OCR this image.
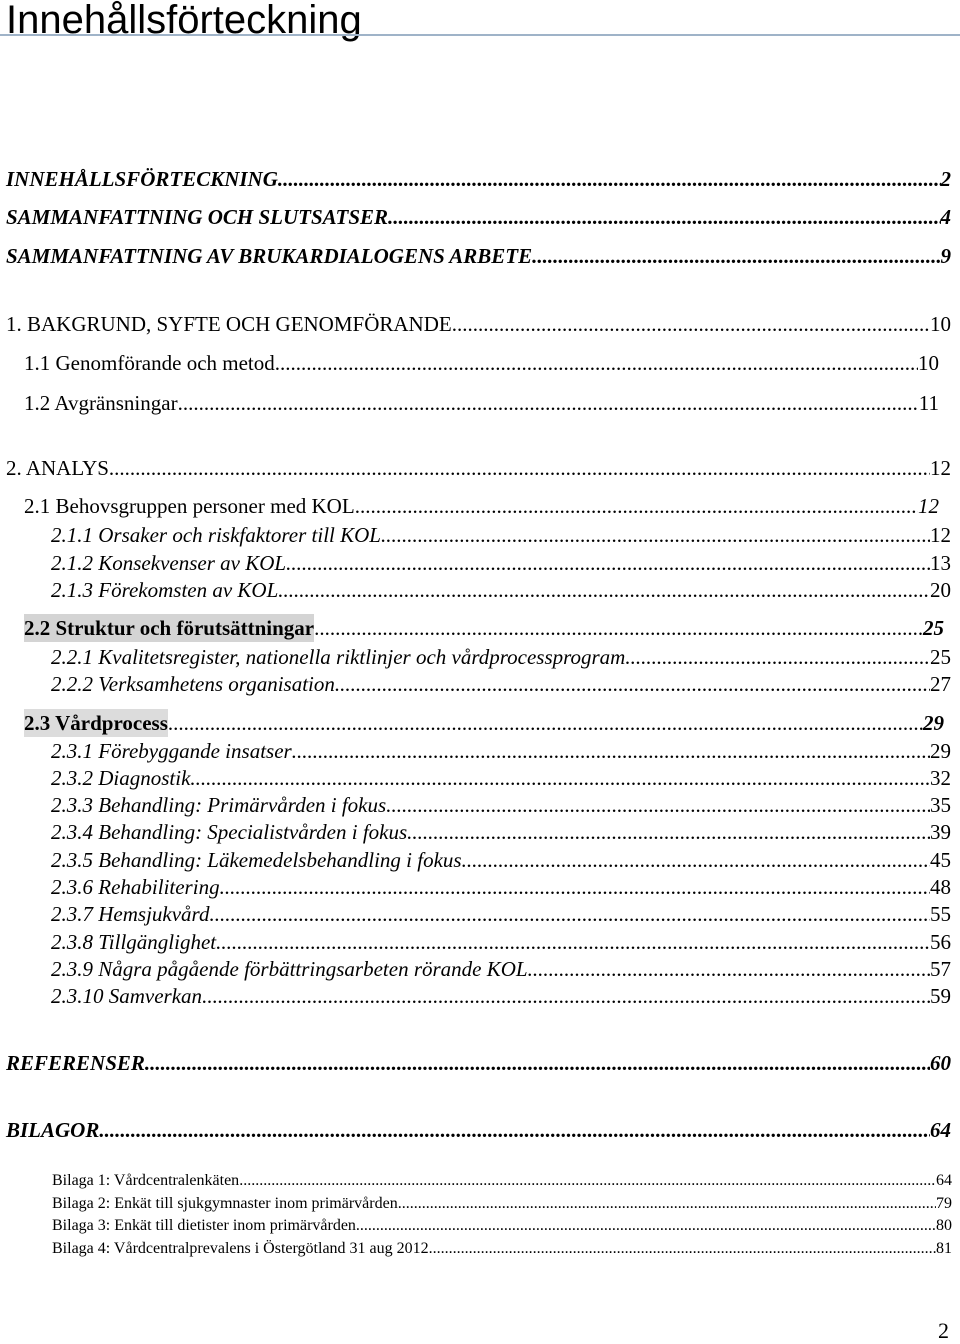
Innehållsförteckning
INNEHÅLLSFÖRTECKNING .....	2
SAMMANFATTNING OCH SLUTSATSER .....	4
SAMMANFATTNING AV BRUKARDIALOGENS ARBETE .....	9
1. BAKGRUND, SYFTE OCH GENOMFÖRANDE .....	10
1.1 Genomförande och metod .....	10
1.2 Avgränsningar .....	11
2. ANALYS .....	12
2.1 Behovsgruppen personer med KOL .....	12
2.1.1 Orsaker och riskfaktorer till KOL .....	12
2.1.2 Konsekvenser av KOL .....	13
2.1.3 Förekomsten av KOL .....	20
2.2 Struktur och förutsättningar .....	25
2.2.1 Kvalitetsregister, nationella riktlinjer och vårdprocessprogram .....	25
2.2.2 Verksamhetens organisation .....	27
2.3 Vårdprocess .....	29
2.3.1 Förebyggande insatser .....	29
2.3.2 Diagnostik .....	32
2.3.3 Behandling: Primärvården i fokus .....	35
2.3.4 Behandling: Specialistvården i fokus .....	39
2.3.5 Behandling: Läkemedelsbehandling i fokus .....	45
2.3.6 Rehabilitering .....	48
2.3.7 Hemsjukvård .....	55
2.3.8 Tillgänglighet .....	56
2.3.9 Några pågående förbättringsarbeten rörande KOL .....	57
2.3.10 Samverkan .....	59
REFERENSER .....	60
BILAGOR .....	64
Bilaga 1: Vårdcentralenkäten .....	64
Bilaga 2: Enkät till sjukgymnaster inom primärvården .....	79
Bilaga 3: Enkät till dietister inom primärvården .....	80
Bilaga 4: Vårdcentralprevalens i Östergötland 31 aug 2012 .....	81
2
